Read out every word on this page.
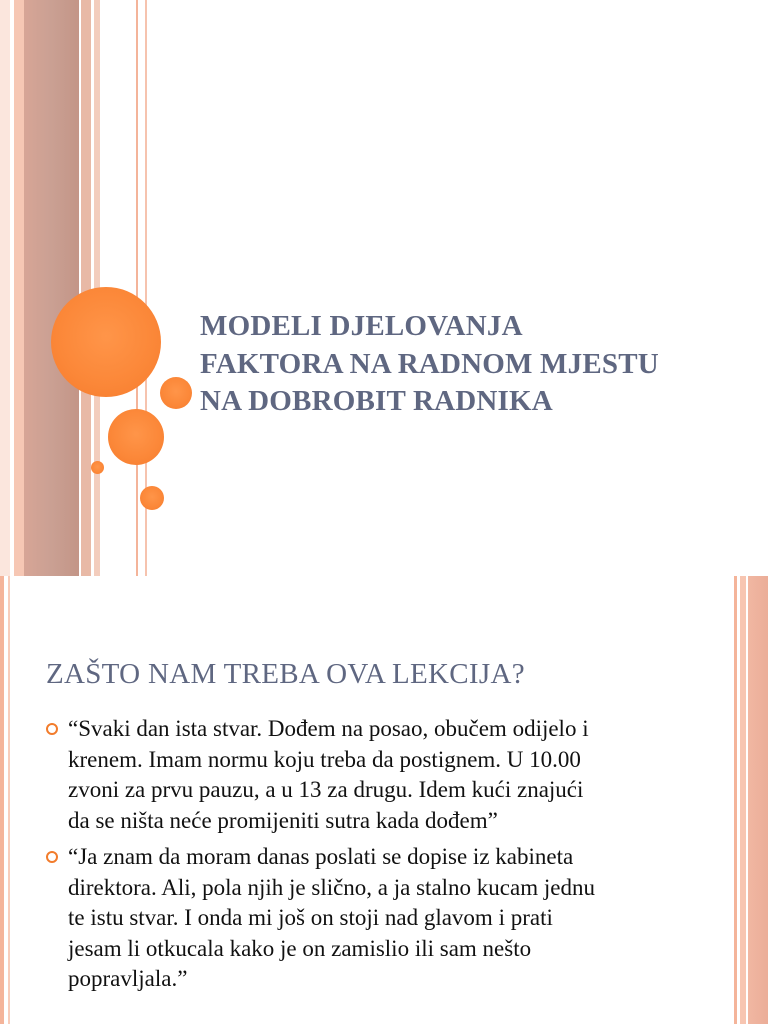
MODELI DJELOVANJA
FAKTORA NA RADNOM MJESTU
NA DOBROBIT RADNIKA
ZAŠTO NAM TREBA OVA LEKCIJA?
“Svaki dan ista stvar. Dođem na posao, obučem odijelo i
krenem. Imam normu koju treba da postignem. U 10.00
zvoni za prvu pauzu, a u 13 za drugu. Idem kući znajući
da se ništa neće promijeniti sutra kada dođem”
“Ja znam da moram danas poslati se dopise iz kabineta
direktora. Ali, pola njih je slično, a ja stalno kucam jednu
te istu stvar. I onda mi još on stoji nad glavom i prati
jesam li otkucala kako je on zamislio ili sam nešto
popravljala.”
